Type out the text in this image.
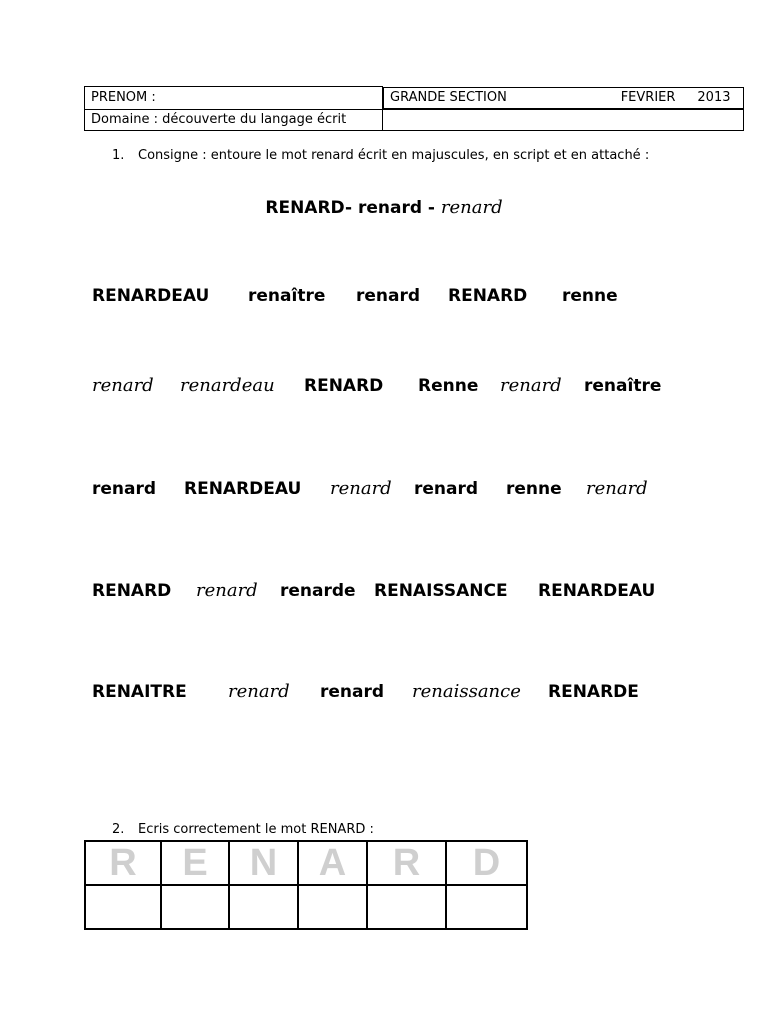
PRENOM :		GRANDE SECTION	FEVRIER 2013

Domaine : découverte du langage écrit	
1.	Consigne : entoure le mot renard écrit en majuscules, en script et en attaché :
RENARD- renard - renard
RENARDEAU renaître renard RENARD renne
renard renardeau RENARD Renne renard renaître
renard RENARDEAU renard renard renne renard
RENARD renard renarde RENAISSANCE RENARDEAU
RENAITRE renard renard renaissance RENARDE
2.	Ecris correctement le mot RENARD :
R	E	N	A	R	D
